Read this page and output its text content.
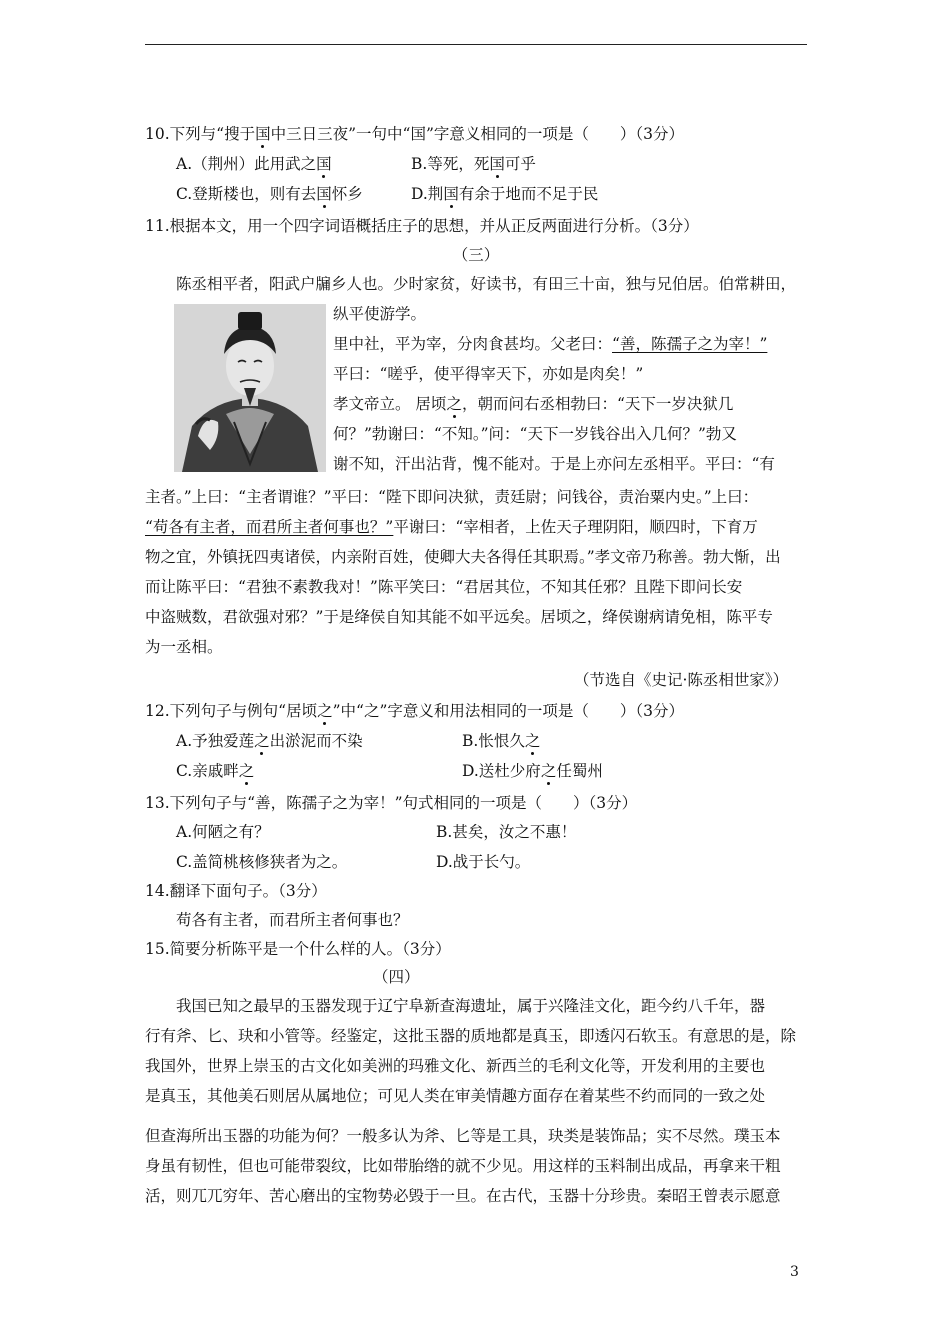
10.下列与“搜于国中三日三夜”一句中“国”字意义相同的一项是（　　）（3分）
A.（荆州）此用武之国	B.等死，死国可乎
C.登斯楼也，则有去国怀乡	D.荆国有余于地而不足于民
11.根据本文，用一个四字词语概括庄子的思想，并从正反两面进行分析。（3分）
（三）
陈丞相平者，阳武户牖乡人也。少时家贫，好读书，有田三十亩，独与兄伯居。伯常耕田，
纵平使游学。
里中社，平为宰，分肉食甚均。父老曰：“善，陈孺子之为宰！”
平曰：“嗟乎，使平得宰天下，亦如是肉矣！”
孝文帝立。 居顷之，朝而问右丞相勃曰：“天下一岁决狱几
何？”勃谢曰：“不知。”问：“天下一岁钱谷出入几何？”勃又
谢不知，汗出沾背，愧不能对。于是上亦问左丞相平。平曰：“有
主者。”上曰：“主者谓谁？”平曰：“陛下即问决狱，责廷尉；问钱谷，责治粟内史。”上曰：
“苟各有主者，而君所主者何事也？”平谢曰：“宰相者，上佐天子理阴阳，顺四时，下育万
物之宜，外镇抚四夷诸侯，内亲附百姓，使卿大夫各得任其职焉。”孝文帝乃称善。勃大惭，出
而让陈平曰：“君独不素教我对！”陈平笑曰：“君居其位，不知其任邪？且陛下即问长安
中盗贼数，君欲强对邪？”于是绛侯自知其能不如平远矣。居顷之，绛侯谢病请免相，陈平专
为一丞相。
（节选自《史记·陈丞相世家》）
12.下列句子与例句“居顷之”中“之”字意义和用法相同的一项是（　　）（3分）
A.予独爱莲之出淤泥而不染	B.怅恨久之
C.亲戚畔之	D.送杜少府之任蜀州
13.下列句子与“善，陈孺子之为宰！”句式相同的一项是（　　）（3分）
A.何陋之有？	B.甚矣，汝之不惠！
C.盖简桃核修狭者为之。	D.战于长勺。
14.翻译下面句子。（3分）
苟各有主者，而君所主者何事也？
15.简要分析陈平是一个什么样的人。（3分）
（四）
我国已知之最早的玉器发现于辽宁阜新查海遗址，属于兴隆洼文化，距今约八千年，器
行有斧、匕、玦和小管等。经鉴定，这批玉器的质地都是真玉，即透闪石软玉。有意思的是，除
我国外，世界上崇玉的古文化如美洲的玛雅文化、新西兰的毛利文化等，开发利用的主要也
是真玉，其他美石则居从属地位；可见人类在审美情趣方面存在着某些不约而同的一致之处
但查海所出玉器的功能为何？一般多认为斧、匕等是工具，玦类是装饰品；实不尽然。璞玉本
身虽有韧性，但也可能带裂纹，比如带胎绺的就不少见。用这样的玉料制出成品，再拿来干粗
活，则兀兀穷年、苦心磨出的宝物势必毁于一旦。在古代，玉器十分珍贵。秦昭王曾表示愿意
3
